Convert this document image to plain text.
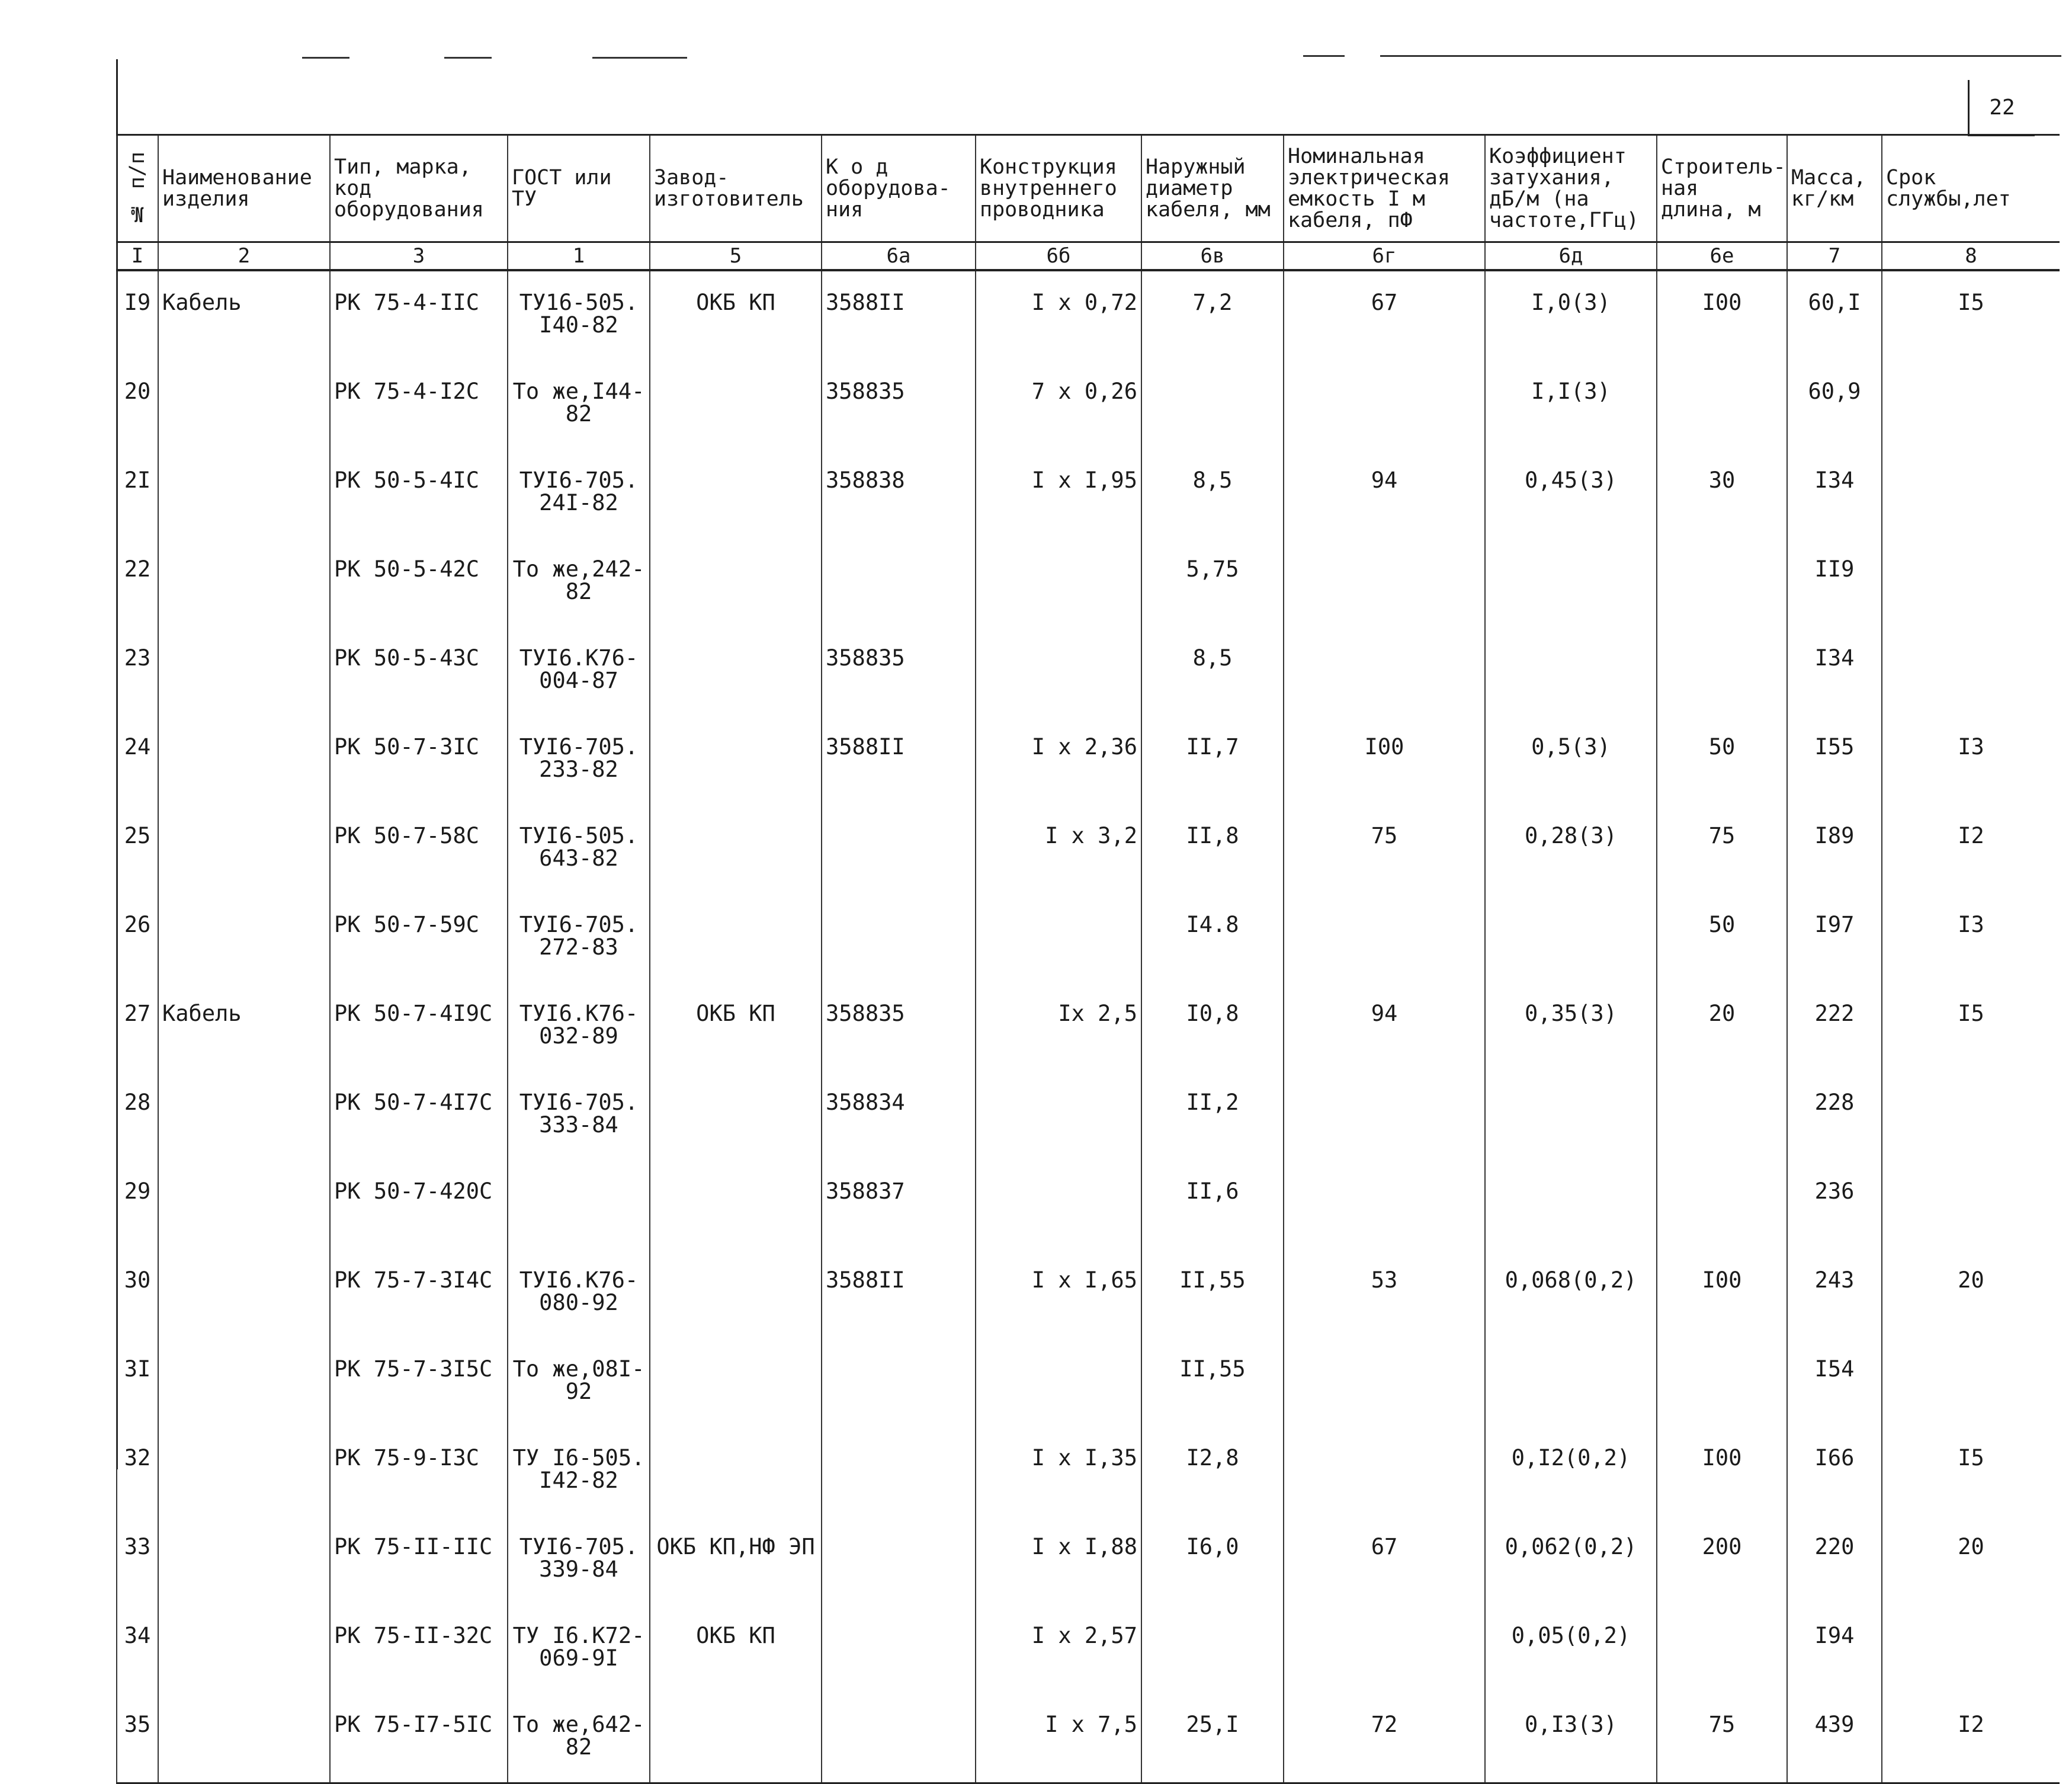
22
№ п/п	Наименование изделия	Тип, марка, код оборудования	ГОСТ или ТУ	Завод-изготовитель	К о д оборудова- ния	Конструкция внутреннего проводника	Наружный диаметр кабеля, мм	Номинальная электрическая емкость I м кабеля, пФ	Коэффициент затухания, дБ/м (на частоте,ГГц)	Строитель- ная длина, м	Масса, кг/км	Срок службы,лет
I	2	3	1	5	6а	6б	6в	6г	6д	6е	7	8
I9	Кабель	РК 75-4-IIС	ТУ16-505. I40-82	ОКБ КП	3588II	I x 0,72	7,2	67	I,0(3)	I00	60,I	I5
20		РК 75-4-I2С	То же,I44-82		358835	7 x 0,26			I,I(3)		60,9	
2I		РК 50-5-4IС	ТУI6-705. 24I-82		358838	I x I,95	8,5	94	0,45(3)	30	I34	
22		РК 50-5-42С	То же,242-82				5,75				II9	
23		РК 50-5-43С	ТУI6.К76- 004-87		358835		8,5				I34	
24		РК 50-7-3IС	ТУI6-705. 233-82		3588II	I x 2,36	II,7	I00	0,5(3)	50	I55	I3
25		РК 50-7-58С	ТУI6-505. 643-82			I x 3,2	II,8	75	0,28(3)	75	I89	I2
26		РК 50-7-59С	ТУI6-705. 272-83				I4.8			50	I97	I3
27	Кабель	РК 50-7-4I9С	ТУI6.К76- 032-89	ОКБ КП	358835	Iх 2,5	I0,8	94	0,35(3)	20	222	I5
28		РК 50-7-4I7С	ТУI6-705. 333-84		358834		II,2				228	
29		РК 50-7-420С			358837		II,6				236	
30		РК 75-7-3I4С	ТУI6.К76- 080-92		3588II	I x I,65	II,55	53	0,068(0,2)	I00	243	20
3I		РК 75-7-3I5С	То же,08I-92				II,55				I54	
32		РК 75-9-I3С	ТУ I6-505. I42-82			I x I,35	I2,8		0,I2(0,2)	I00	I66	I5
33		РК 75-II-IIС	ТУI6-705. 339-84	ОКБ КП,НФ ЭП		I x I,88	I6,0	67	0,062(0,2)	200	220	20
34		РК 75-II-32С	ТУ I6.К72- 069-9I	ОКБ КП		I x 2,57			0,05(0,2)		I94	
35		РК 75-I7-5IС	То же,642- 82			I x 7,5	25,I	72	0,I3(3)	75	439	I2
